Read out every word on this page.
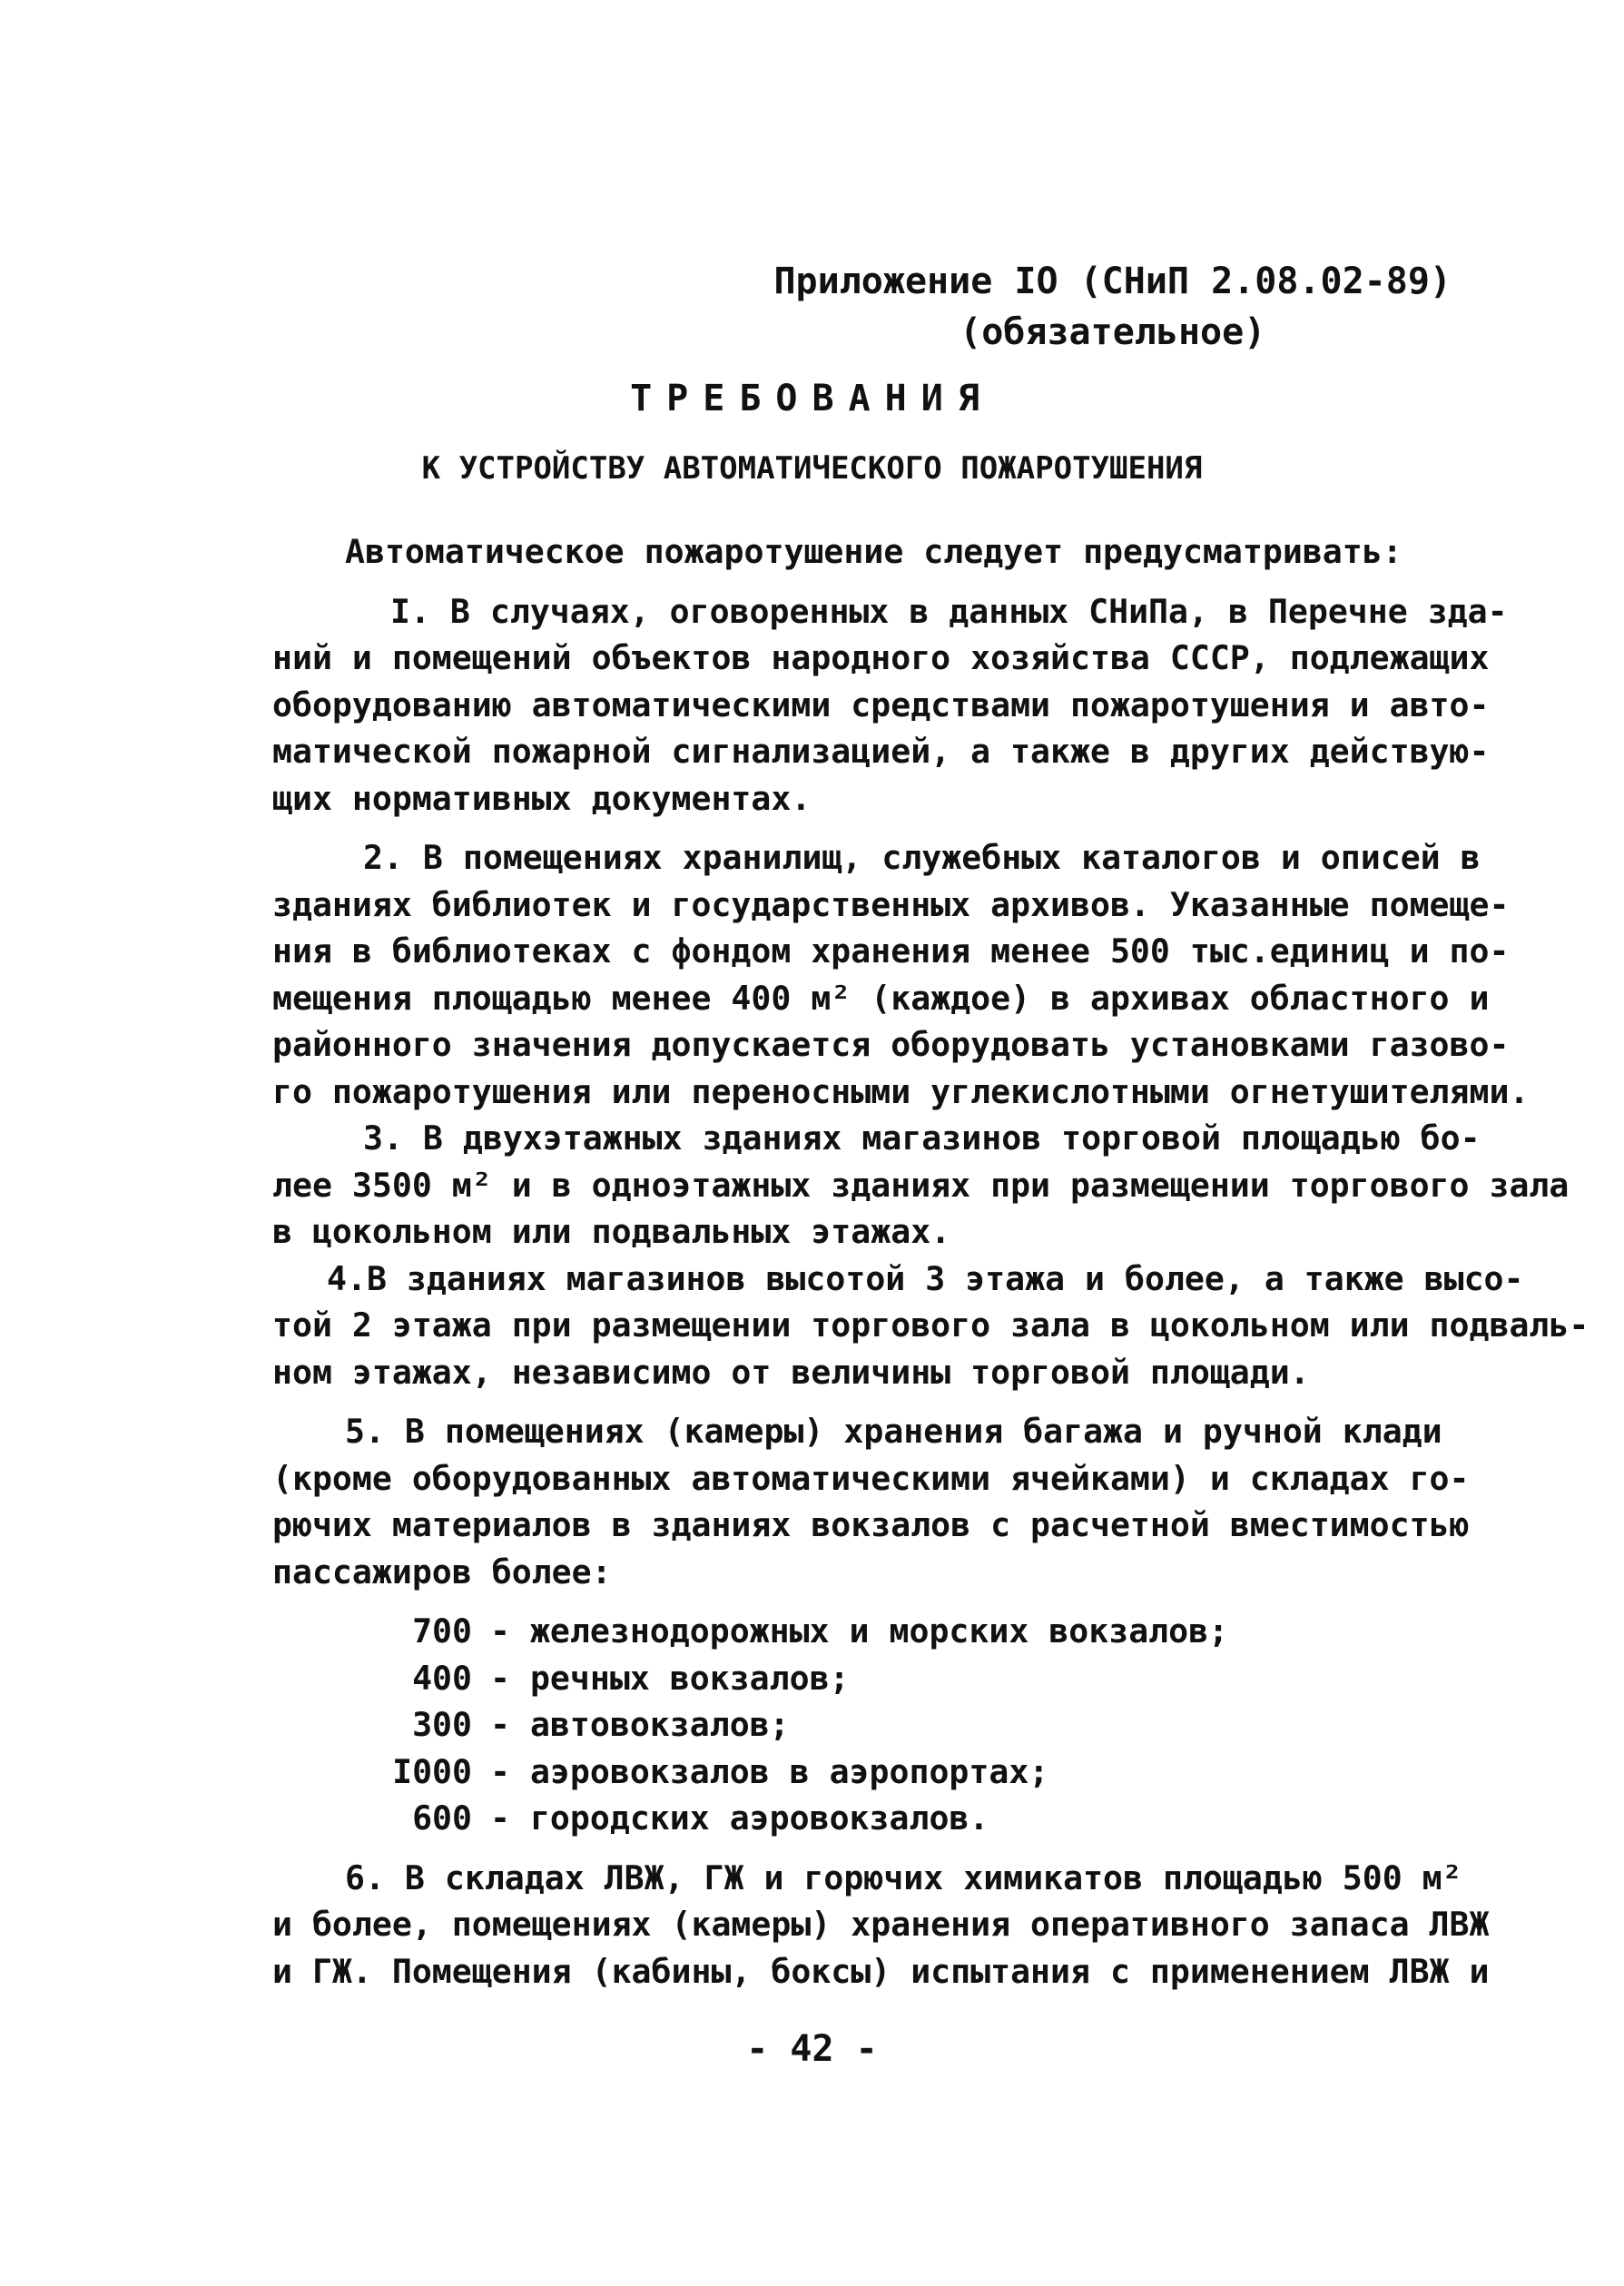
Приложение IO (СНиП 2.08.02-89)
(обязательное)
ТРЕБОВАНИЯ
К УСТРОЙСТВУ АВТОМАТИЧЕСКОГО ПОЖАРОТУШЕНИЯ
Автоматическое пожаротушение следует предусматривать:
I. В случаях, оговоренных в данных СНиПа, в Перечне зда-
ний и помещений объектов народного хозяйства СССР, подлежащих
оборудованию автоматическими средствами пожаротушения и авто-
матической пожарной сигнализацией, а также в других действую-
щих нормативных документах.
2. В помещениях хранилищ, служебных каталогов и описей в
зданиях библиотек и государственных архивов. Указанные помеще-
ния в библиотеках с фондом хранения менее 500 тыс.единиц и по-
мещения площадью менее 400 м² (каждое) в архивах областного и
районного значения допускается оборудовать установками газово-
го пожаротушения или переносными углекислотными огнетушителями.
3. В двухэтажных зданиях магазинов торговой площадью бо-
лее 3500 м² и в одноэтажных зданиях при размещении торгового зала
в цокольном или подвальных этажах.
4.В зданиях магазинов высотой 3 этажа и более, а также высо-
той 2 этажа при размещении торгового зала в цокольном или подваль-
ном этажах, независимо от величины торговой площади.
5. В помещениях (камеры) хранения багажа и ручной клади
(кроме оборудованных автоматическими ячейками) и складах го-
рючих материалов в зданиях вокзалов с расчетной вместимостью
пассажиров более:
700 - железнодорожных и морских вокзалов;
400 - речных вокзалов;
300 - автовокзалов;
I000 - аэровокзалов в аэропортах;
600 - городских аэровокзалов.
6. В складах ЛВЖ, ГЖ и горючих химикатов площадью 500 м²
и более, помещениях (камеры) хранения оперативного запаса ЛВЖ
и ГЖ. Помещения (кабины, боксы) испытания с применением ЛВЖ и
- 42 -
